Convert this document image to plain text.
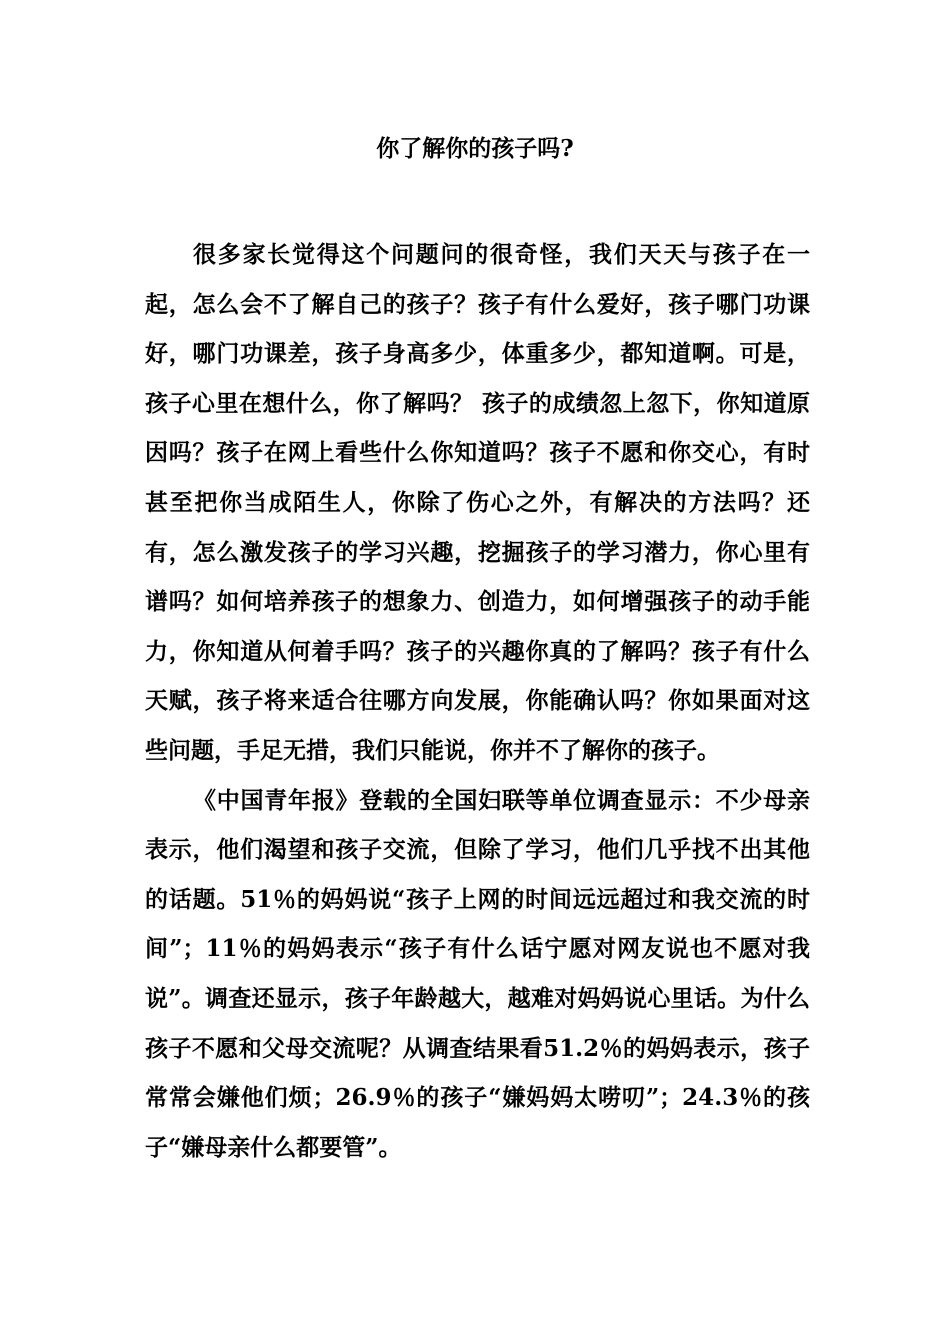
你了解你的孩子吗?

很多家长觉得这个问题问的很奇怪，我们天天与孩子在一起，怎么会不了解自己的孩子？孩子有什么爱好，孩子哪门功课好，哪门功课差，孩子身高多少，体重多少，都知道啊。可是，孩子心里在想什么，你了解吗？ 孩子的成绩忽上忽下，你知道原因吗？孩子在网上看些什么你知道吗？孩子不愿和你交心，有时甚至把你当成陌生人，你除了伤心之外，有解决的方法吗？还有，怎么激发孩子的学习兴趣，挖掘孩子的学习潜力，你心里有谱吗？如何培养孩子的想象力、创造力，如何增强孩子的动手能力，你知道从何着手吗？孩子的兴趣你真的了解吗？孩子有什么天赋，孩子将来适合往哪方向发展，你能确认吗？你如果面对这些问题，手足无措，我们只能说，你并不了解你的孩子。

《中国青年报》登载的全国妇联等单位调查显示：不少母亲表示，他们渴望和孩子交流，但除了学习，他们几乎找不出其他的话题。51％的妈妈说“孩子上网的时间远远超过和我交流的时间”；11％的妈妈表示“孩子有什么话宁愿对网友说也不愿对我说”。调查还显示，孩子年龄越大，越难对妈妈说心里话。为什么孩子不愿和父母交流呢？从调查结果看51.2％的妈妈表示，孩子常常会嫌他们烦；26.9％的孩子“嫌妈妈太唠叨”；24.3％的孩子“嫌母亲什么都要管”。
